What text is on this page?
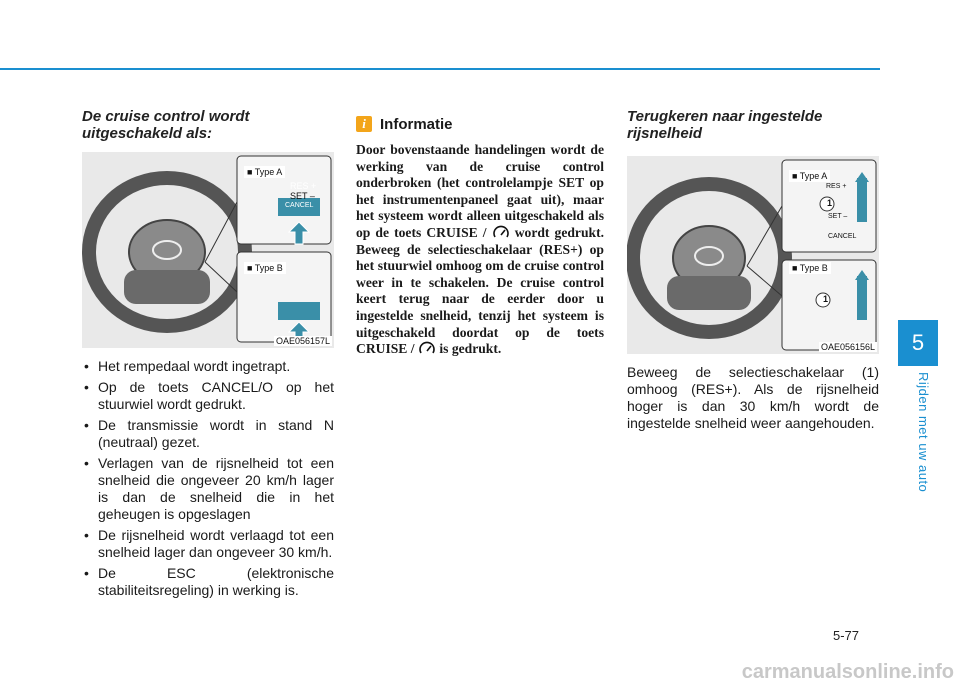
5
Rijden met uw auto
De cruise control wordt uitgeschakeld als:
■ Type A
RES +
SET –
CANCEL
■ Type B
OAE056157L
• Het rempedaal wordt ingetrapt.
• Op de toets CANCEL/O op het stuurwiel wordt gedrukt.
• De transmissie wordt in stand N (neutraal) gezet.
• Verlagen van de rijsnelheid tot een snelheid die ongeveer 20 km/h lager is dan de snelheid die in het geheugen is opgeslagen
• De rijsnelheid wordt verlaagd tot een snelheid lager dan ongeveer 30 km/h.
• De ESC (elektronische stabiliteitsregeling) in werking is.
i Informatie
Door bovenstaande handelingen wordt de werking van de cruise control onderbroken (het controlelampje SET op het instrumentenpaneel gaat uit), maar het systeem wordt alleen uitgeschakeld als op de toets CRUISE / wordt gedrukt. Beweeg de selectieschakelaar (RES+) op het stuurwiel omhoog om de cruise control weer in te schakelen. De cruise control keert terug naar de eerder door u ingestelde snelheid, tenzij het systeem is uitgeschakeld doordat op de toets CRUISE / is gedrukt.
Terugkeren naar ingestelde rijsnelheid
■ Type A
RES +
SET –
CANCEL
1
■ Type B
1
OAE056156L
Beweeg de selectieschakelaar (1) omhoog (RES+). Als de rijsnelheid hoger is dan 30 km/h wordt de ingestelde snelheid weer aangehouden.
5-77
carmanualsonline.info
